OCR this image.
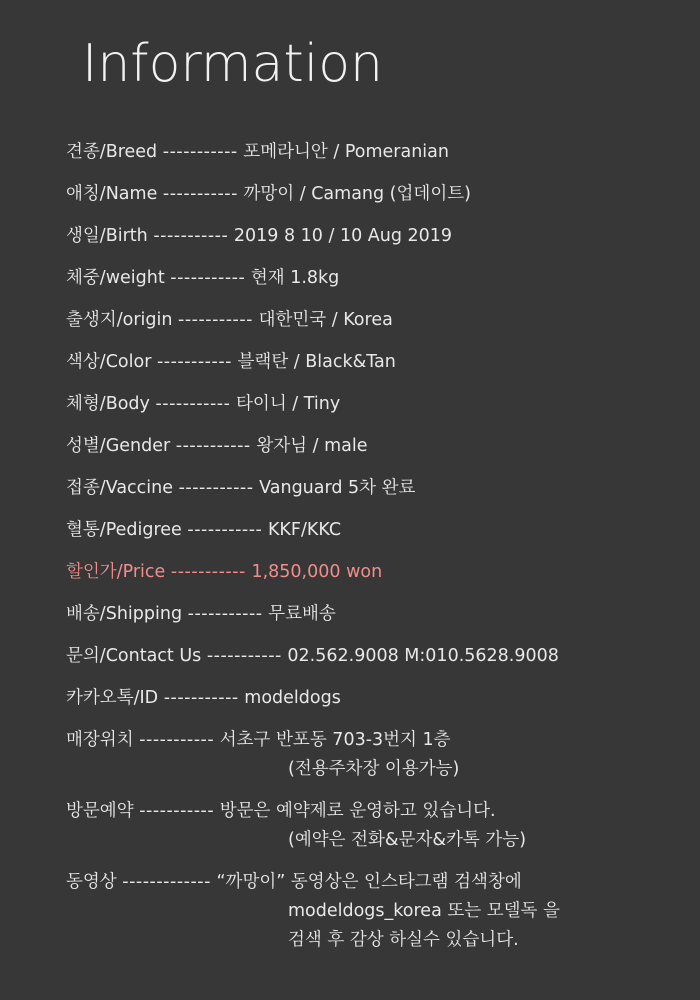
Information
견종/Breed ----------- 포메라니안 / Pomeranian
애칭/Name ----------- 까망이 / Camang (업데이트)
생일/Birth ----------- 2019 8 10 / 10 Aug 2019
체중/weight ----------- 현재 1.8kg
출생지/origin ----------- 대한민국 / Korea
색상/Color ----------- 블랙탄 / Black&Tan
체형/Body ----------- 타이니 / Tiny
성별/Gender ----------- 왕자님 / male
접종/Vaccine ----------- Vanguard 5차 완료
혈통/Pedigree ----------- KKF/KKC
할인가/Price ----------- 1,850,000 won
배송/Shipping ----------- 무료배송
문의/Contact Us ----------- 02.562.9008 M:010.5628.9008
카카오톡/ID ----------- modeldogs
매장위치 ----------- 서초구 반포동 703-3번지 1층
(전용주차장 이용가능)
방문예약 ----------- 방문은 예약제로 운영하고 있습니다.
(예약은 전화&문자&카톡 가능)
동영상 ------------- “까망이” 동영상은 인스타그램 검색창에
modeldogs_korea 또는 모델독 을
검색 후 감상 하실수 있습니다.
